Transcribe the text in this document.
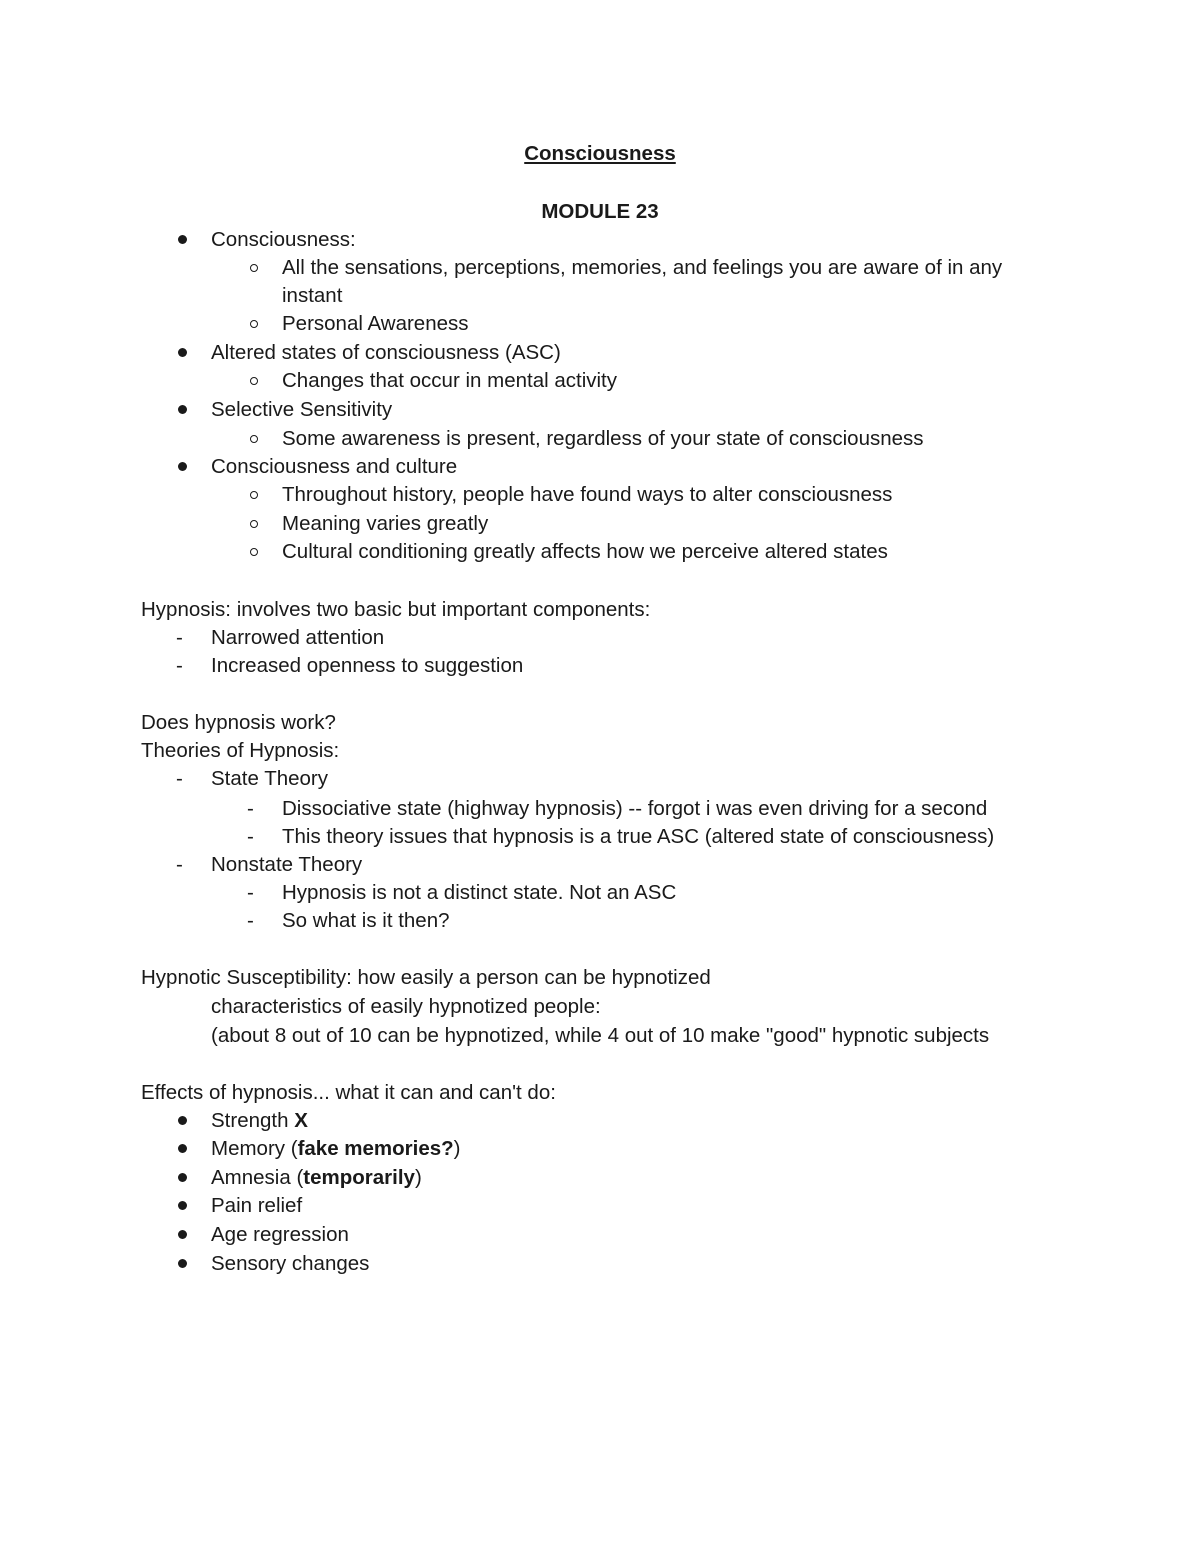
Consciousness
MODULE 23
Consciousness:
All the sensations, perceptions, memories, and feelings you are aware of in any
instant
Personal Awareness
Altered states of consciousness (ASC)
Changes that occur in mental activity
Selective Sensitivity
Some awareness is present, regardless of your state of consciousness
Consciousness and culture
Throughout history, people have found ways to alter consciousness
Meaning varies greatly
Cultural conditioning greatly affects how we perceive altered states
Hypnosis: involves two basic but important components:
- Narrowed attention
- Increased openness to suggestion
Does hypnosis work?
Theories of Hypnosis:
- State Theory
- Dissociative state (highway hypnosis) -- forgot i was even driving for a second
- This theory issues that hypnosis is a true ASC (altered state of consciousness)
- Nonstate Theory
- Hypnosis is not a distinct state. Not an ASC
- So what is it then?
Hypnotic Susceptibility: how easily a person can be hypnotized
characteristics of easily hypnotized people:
(about 8 out of 10 can be hypnotized, while 4 out of 10 make "good" hypnotic subjects
Effects of hypnosis... what it can and can't do:
Strength X
Memory (fake memories?)
Amnesia (temporarily)
Pain relief
Age regression
Sensory changes
